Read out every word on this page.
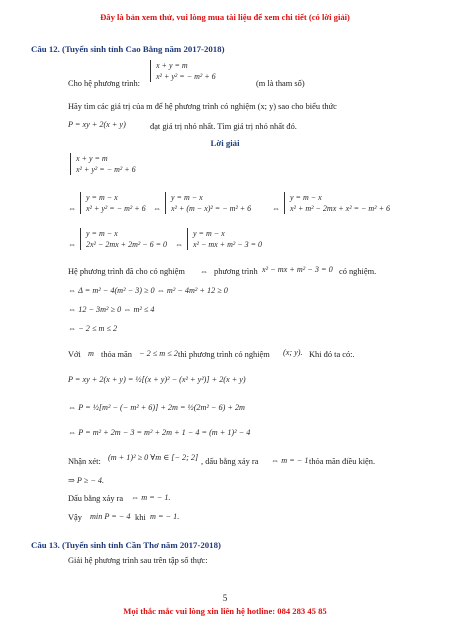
Đây là bản xem thử, vui lòng mua tài liệu để xem chi tiết (có lời giải)
Câu 12. (Tuyển sinh tỉnh Cao Bằng năm 2017-2018)
Cho hệ phương trình:
x + y = m
x² + y² = − m² + 6
(m là tham số)
Hãy tìm các giá trị của m để hệ phương trình có nghiệm (x; y) sao cho biểu thức
P = xy + 2(x + y)	đạt giá trị nhỏ nhất. Tìm giá trị nhỏ nhất đó.
Lời giải
x + y = m
x² + y² = − m² + 6
⇔
y = m − x
x² + y² = − m² + 6 ⇔
y = m − x
x² + (m − x)² = − m² + 6	⇔
y = m − x
x² + m² − 2mx + x² = − m² + 6
⇔
y = m − x
2x² − 2mx + 2m² − 6 = 0 ⇔
y = m − x
x² − mx + m² − 3 = 0
Hệ phương trình đã cho có nghiệm ⇔ phương trình x² − mx + m² − 3 = 0 có nghiệm.
⇔ Δ = m² − 4(m² − 3) ≥ 0 ⇔ m² − 4m² + 12 ≥ 0
⇔ 12 − 3m² ≥ 0 ⇔ m² ≤ 4
⇔ − 2 ≤ m ≤ 2
Với m thỏa mãn − 2 ≤ m ≤ 2 thì phương trình có nghiệm (x; y). Khi đó ta có:.
P = xy + 2(x + y) = ½[(x + y)² − (x² + y²)] + 2(x + y)
⇔ P = ½[m² − (− m² + 6)] + 2m = ½(2m² − 6) + 2m
⇔ P = m² + 2m − 3 = m² + 2m + 1 − 4 = (m + 1)² − 4
Nhận xét: (m + 1)² ≥ 0 ∀m ∈ [− 2; 2] , dấu bằng xảy ra ⇔ m = − 1 thỏa mãn điều kiện.
⇒ P ≥ − 4.
Dấu bằng xảy ra ⇔ m = − 1.
Vậy min P = − 4 khi m = − 1.
Câu 13. (Tuyển sinh tỉnh Cần Thơ năm 2017-2018)
Giải hệ phương trình sau trên tập số thực:
5
Mọi thắc mắc vui lòng xin liên hệ hotline: 084 283 45 85
